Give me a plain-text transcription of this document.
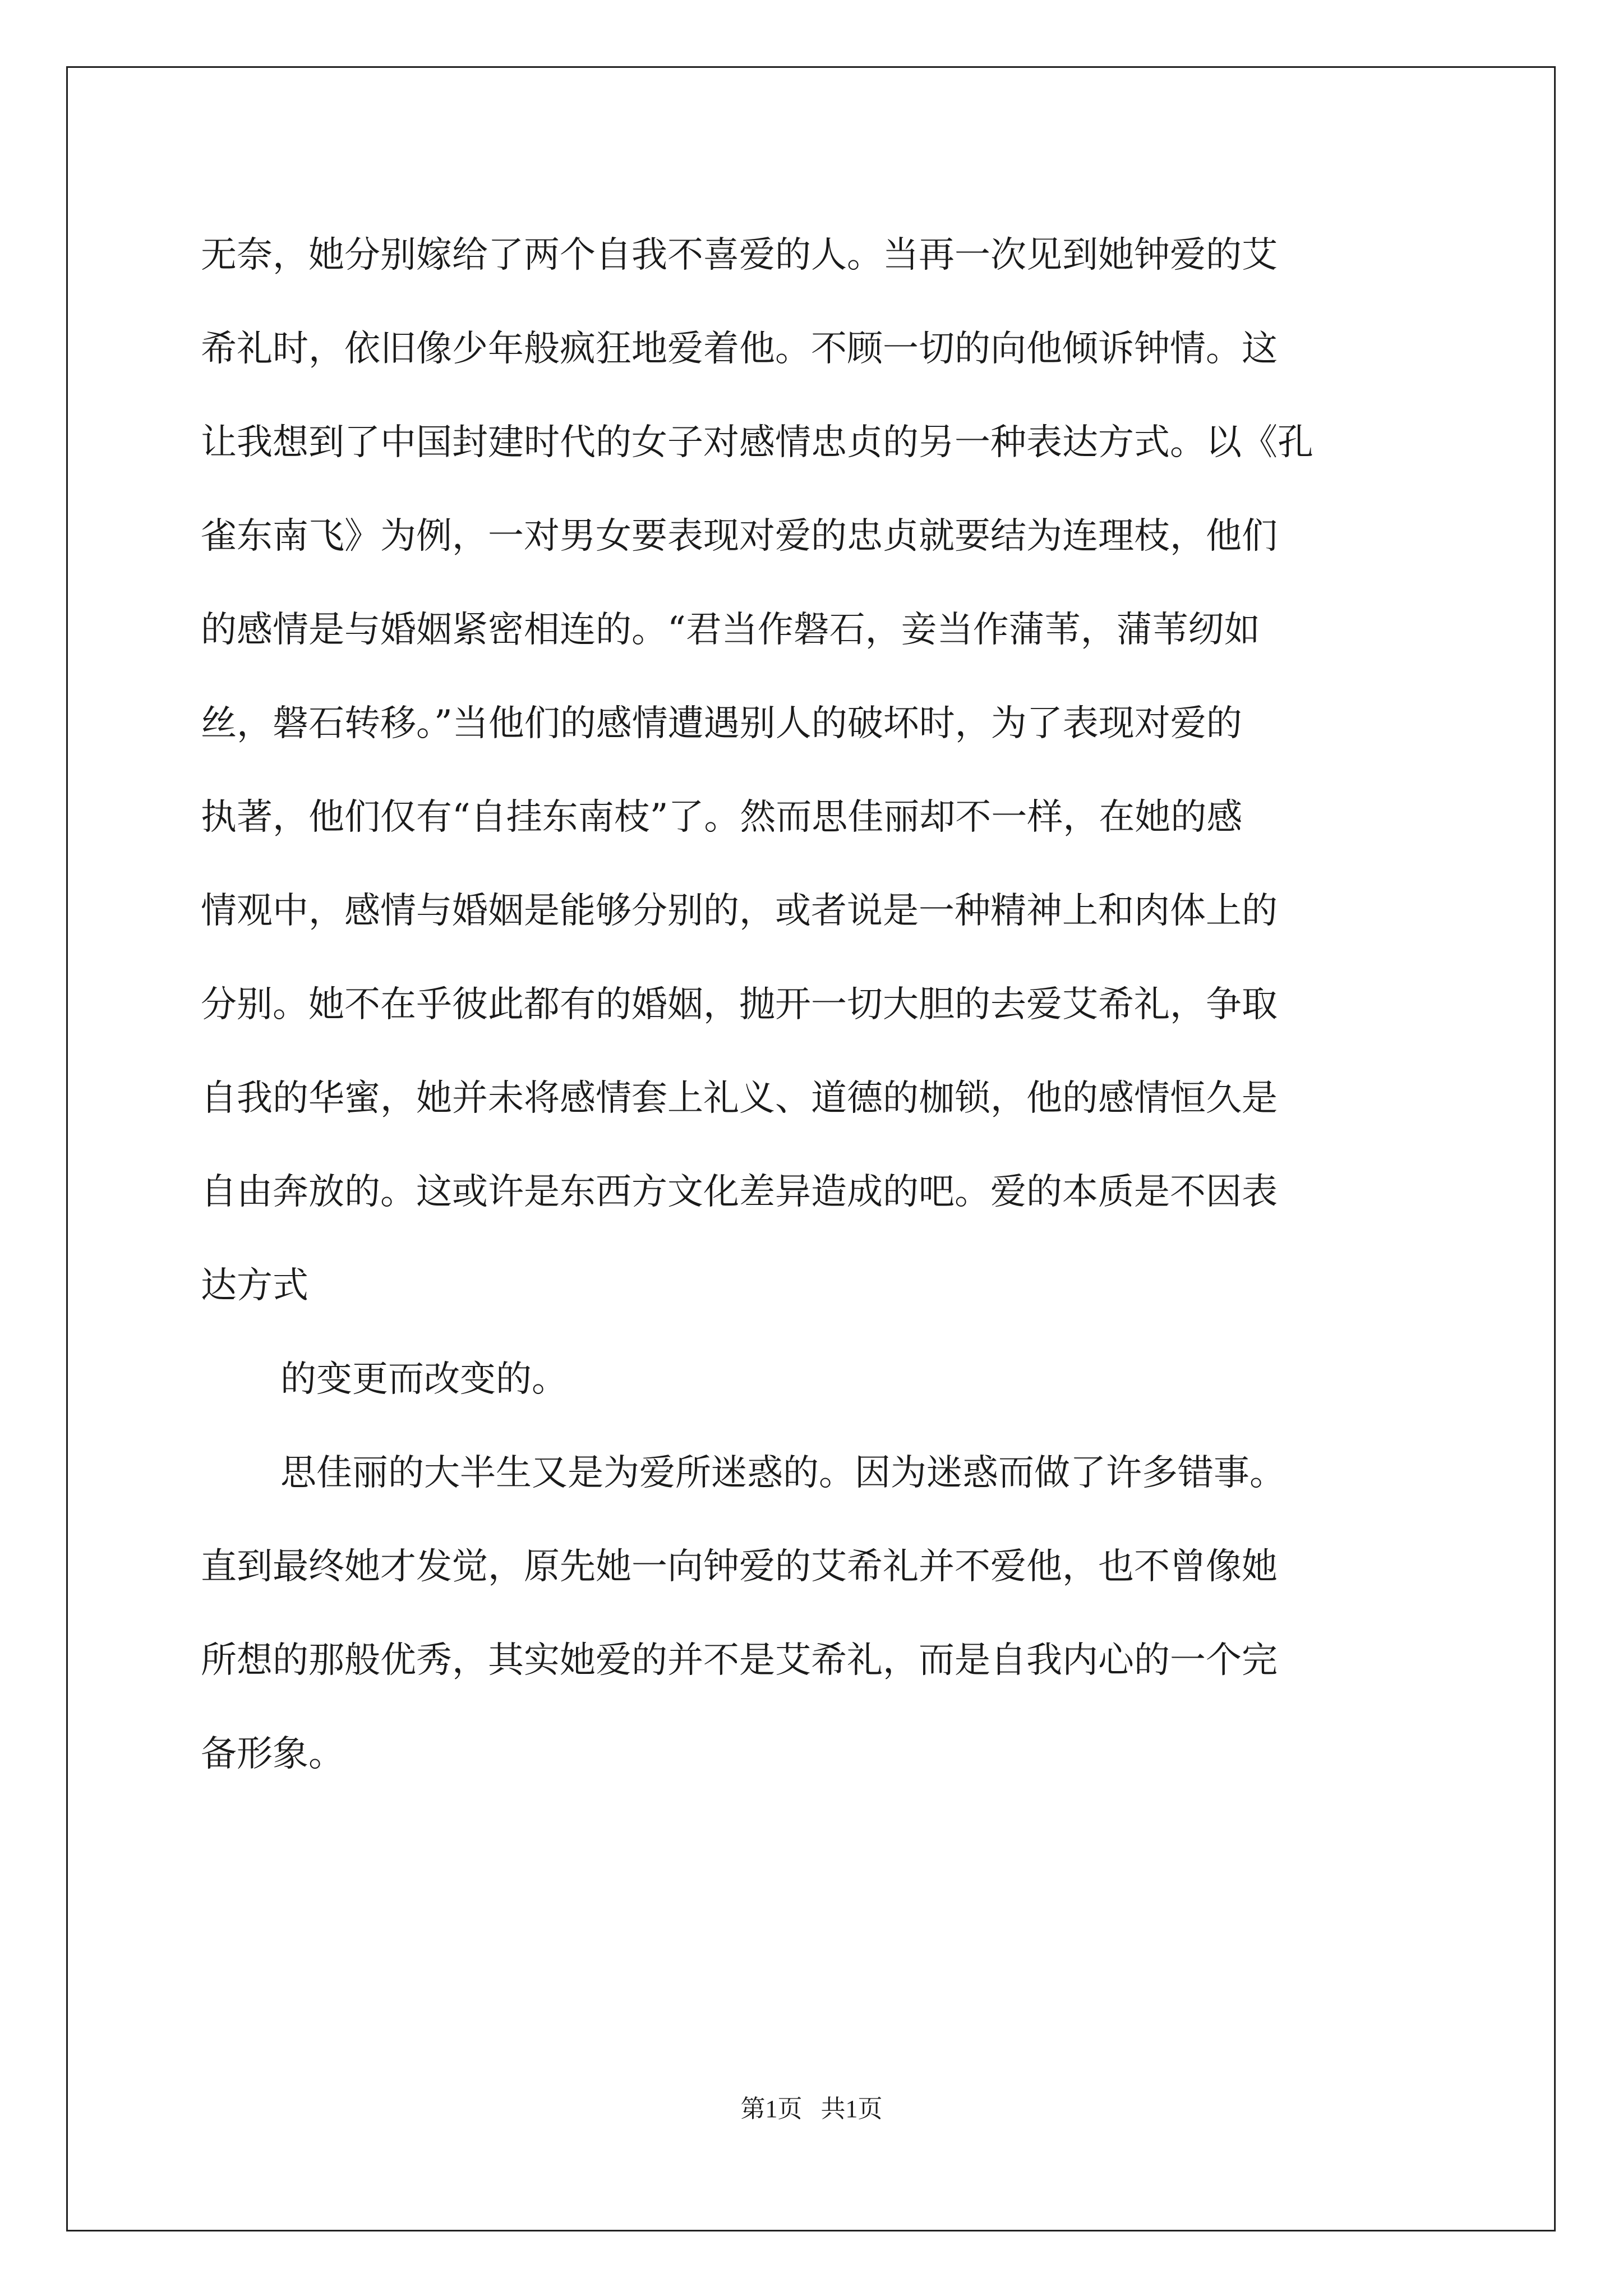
无奈，她分别嫁给了两个自我不喜爱的人。当再一次见到她钟爱的艾

希礼时，依旧像少年般疯狂地爱着他。不顾一切的向他倾诉钟情。这

让我想到了中国封建时代的女子对感情忠贞的另一种表达方式。以《孔

雀东南飞》为例，一对男女要表现对爱的忠贞就要结为连理枝，他们

的感情是与婚姻紧密相连的。“君当作磐石，妾当作蒲苇，蒲苇纫如

丝，磐石转移。”当他们的感情遭遇别人的破坏时，为了表现对爱的

执著，他们仅有“自挂东南枝”了。然而思佳丽却不一样，在她的感

情观中，感情与婚姻是能够分别的，或者说是一种精神上和肉体上的

分别。她不在乎彼此都有的婚姻，抛开一切大胆的去爱艾希礼，争取

自我的华蜜，她并未将感情套上礼义、道德的枷锁，他的感情恒久是

自由奔放的。这或许是东西方文化差异造成的吧。爱的本质是不因表

达方式

的变更而改变的。

思佳丽的大半生又是为爱所迷惑的。因为迷惑而做了许多错事。

直到最终她才发觉，原先她一向钟爱的艾希礼并不爱他，也不曾像她

所想的那般优秀，其实她爱的并不是艾希礼，而是自我内心的一个完

备形象。

第1页 共1页
